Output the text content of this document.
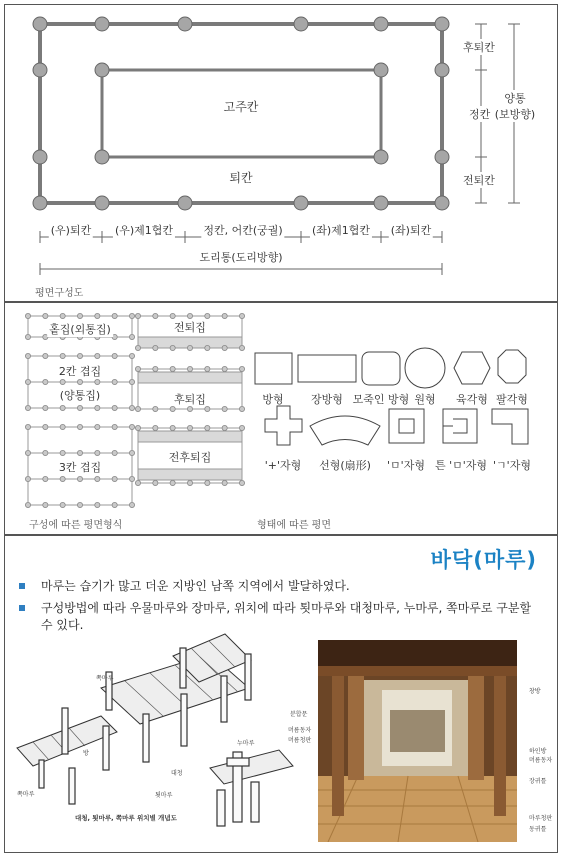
고주칸
퇴칸
후퇴칸
정칸
전퇴칸
양통
(보방향)
(우)퇴칸 (우)제1협칸	정칸, 어칸(궁궐)	(좌)제1협칸 (좌)퇴칸
도리통(도리방향)
평면구성도
홑집(외통집)
2칸 겹집
(양통집)
3칸 겹집
전퇴집
후퇴집
전후퇴집
방형 장방형 모죽인 방형 원형 육각형 팔각형
'+'자형 선형(扇形) 'ㅁ'자형 튼 'ㅁ'자형 'ㄱ'자형
구성에 따른 평면형식	형태에 따른 평면
바닥(마루)
마루는 습기가 많고 더운 지방인 남쪽 지역에서 발달하였다.
구성방법에 따라 우물마루와 장마루, 위치에 따라 툇마루와 대청마루, 누마루, 쪽마루로 구분할 수 있다.
쪽마루
누마루
방
대청
툇마루
쪽마루
대청, 툇마루, 쪽마루 위치별 개념도
분합문
머름동자
머름청판
창방
하인방
머름동자
장귀틀
마루청판
동귀틀
